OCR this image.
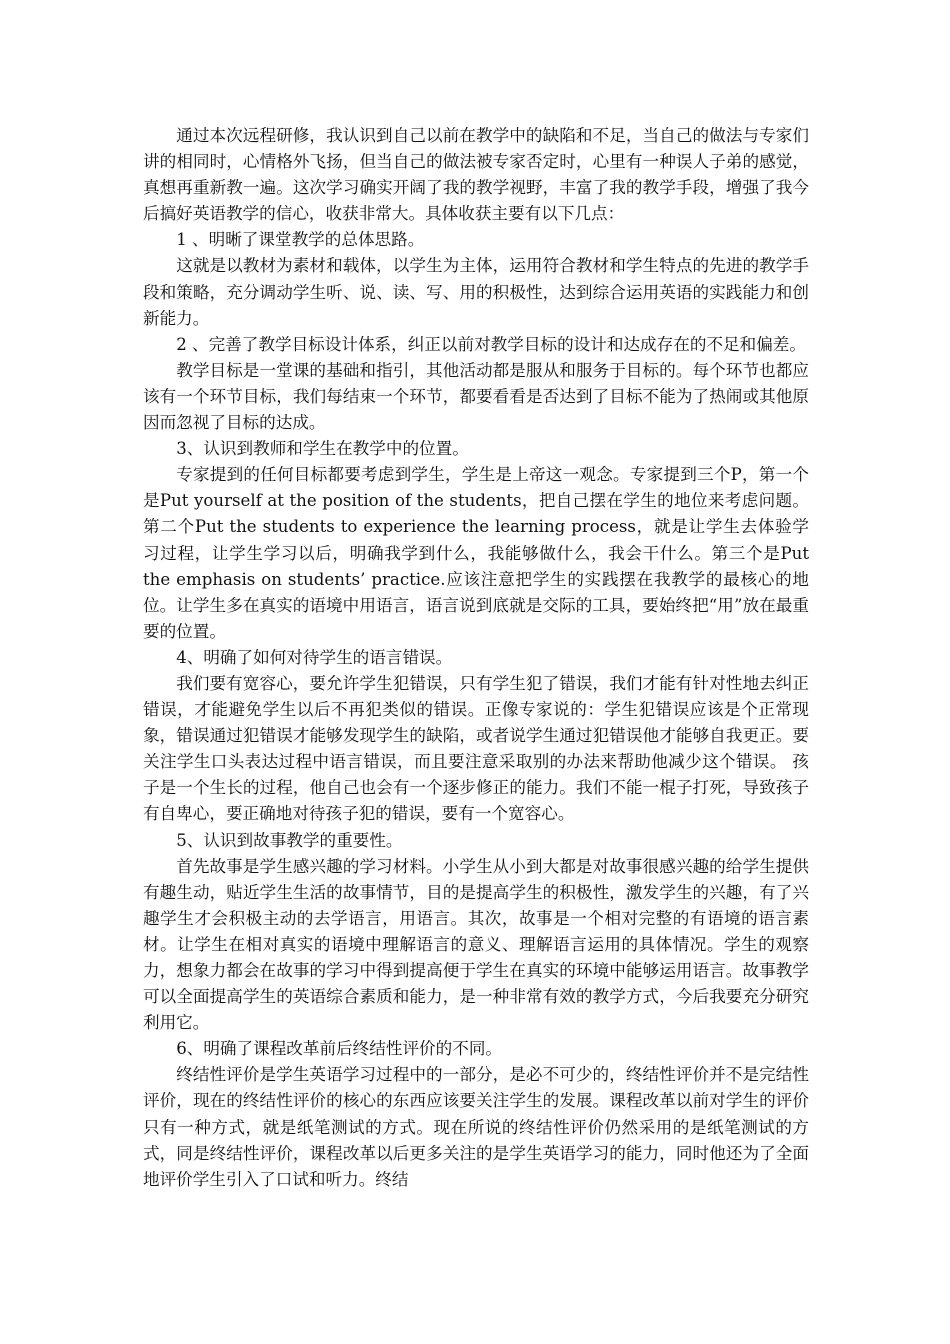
通过本次远程研修，我认识到自己以前在教学中的缺陷和不足，当自己的做法与专家们讲的相同时，心情格外飞扬，但当自己的做法被专家否定时，心里有一种误人子弟的感觉，真想再重新教一遍。这次学习确实开阔了我的教学视野，丰富了我的教学手段，增强了我今后搞好英语教学的信心，收获非常大。具体收获主要有以下几点：

1 、明晰了课堂教学的总体思路。

这就是以教材为素材和载体，以学生为主体，运用符合教材和学生特点的先进的教学手段和策略，充分调动学生听、说、读、写、用的积极性，达到综合运用英语的实践能力和创新能力。

2 、完善了教学目标设计体系，纠正以前对教学目标的设计和达成存在的不足和偏差。

教学目标是一堂课的基础和指引，其他活动都是服从和服务于目标的。每个环节也都应该有一个环节目标，我们每结束一个环节，都要看看是否达到了目标不能为了热闹或其他原因而忽视了目标的达成。

3、认识到教师和学生在教学中的位置。

专家提到的任何目标都要考虑到学生，学生是上帝这一观念。专家提到三个P，第一个是Put yourself at the position of the students，把自己摆在学生的地位来考虑问题。第二个Put the students to experience the learning process，就是让学生去体验学习过程，让学生学习以后，明确我学到什么，我能够做什么，我会干什么。第三个是Put the emphasis on students’ practice.应该注意把学生的实践摆在我教学的最核心的地位。让学生多在真实的语境中用语言，语言说到底就是交际的工具，要始终把“用”放在最重要的位置。

4、明确了如何对待学生的语言错误。

我们要有宽容心，要允许学生犯错误，只有学生犯了错误，我们才能有针对性地去纠正错误，才能避免学生以后不再犯类似的错误。正像专家说的：学生犯错误应该是个正常现象，错误通过犯错误才能够发现学生的缺陷，或者说学生通过犯错误他才能够自我更正。要关注学生口头表达过程中语言错误，而且要注意采取别的办法来帮助他减少这个错误。 孩子是一个生长的过程，他自己也会有一个逐步修正的能力。我们不能一棍子打死，导致孩子有自卑心，要正确地对待孩子犯的错误，要有一个宽容心。

5、认识到故事教学的重要性。

首先故事是学生感兴趣的学习材料。小学生从小到大都是对故事很感兴趣的给学生提供有趣生动，贴近学生生活的故事情节，目的是提高学生的积极性，激发学生的兴趣，有了兴趣学生才会积极主动的去学语言，用语言。其次，故事是一个相对完整的有语境的语言素材。让学生在相对真实的语境中理解语言的意义、理解语言运用的具体情况。学生的观察力，想象力都会在故事的学习中得到提高便于学生在真实的环境中能够运用语言。故事教学可以全面提高学生的英语综合素质和能力，是一种非常有效的教学方式，今后我要充分研究利用它。

6、明确了课程改革前后终结性评价的不同。

终结性评价是学生英语学习过程中的一部分，是必不可少的，终结性评价并不是完结性评价，现在的终结性评价的核心的东西应该要关注学生的发展。课程改革以前对学生的评价只有一种方式，就是纸笔测试的方式。现在所说的终结性评价仍然采用的是纸笔测试的方式，同是终结性评价，课程改革以后更多关注的是学生英语学习的能力，同时他还为了全面地评价学生引入了口试和听力。终结
